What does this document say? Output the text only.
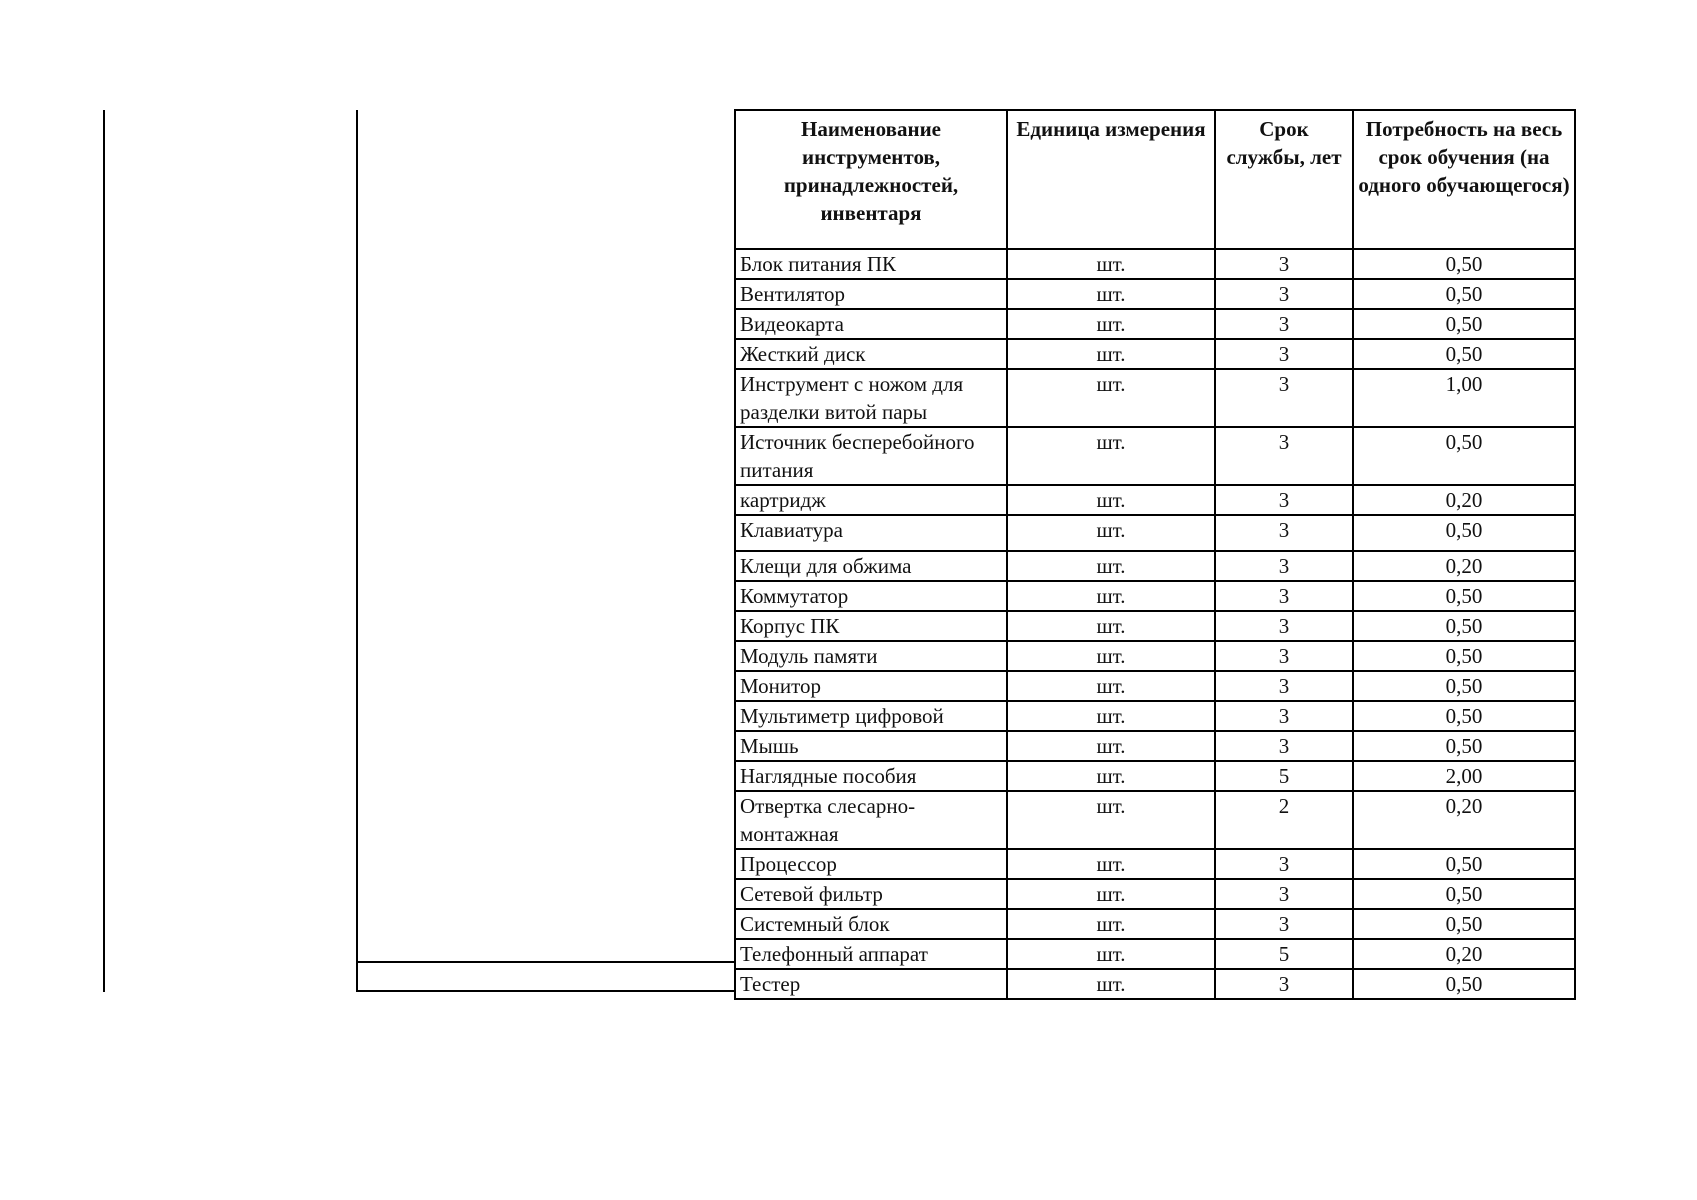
Наименование инструментов, принадлежностей, инвентаря	Единица измерения	Срок службы, лет	Потребность на весь срок обучения (на одного обучающегося)
Блок питания ПК	шт.	3	0,50
Вентилятор	шт.	3	0,50
Видеокарта	шт.	3	0,50
Жесткий диск	шт.	3	0,50
Инструмент с ножом для разделки витой пары	шт.	3	1,00
Источник бесперебойного питания	шт.	3	0,50
картридж	шт.	3	0,20
Клавиатура	шт.	3	0,50
Клещи для обжима	шт.	3	0,20
Коммутатор	шт.	3	0,50
Корпус ПК	шт.	3	0,50
Модуль памяти	шт.	3	0,50
Монитор	шт.	3	0,50
Мультиметр цифровой	шт.	3	0,50
Мышь	шт.	3	0,50
Наглядные пособия	шт.	5	2,00
Отвертка слесарно-монтажная	шт.	2	0,20
Процессор	шт.	3	0,50
Сетевой фильтр	шт.	3	0,50
Системный блок	шт.	3	0,50
Телефонный аппарат	шт.	5	0,20
Тестер	шт.	3	0,50
